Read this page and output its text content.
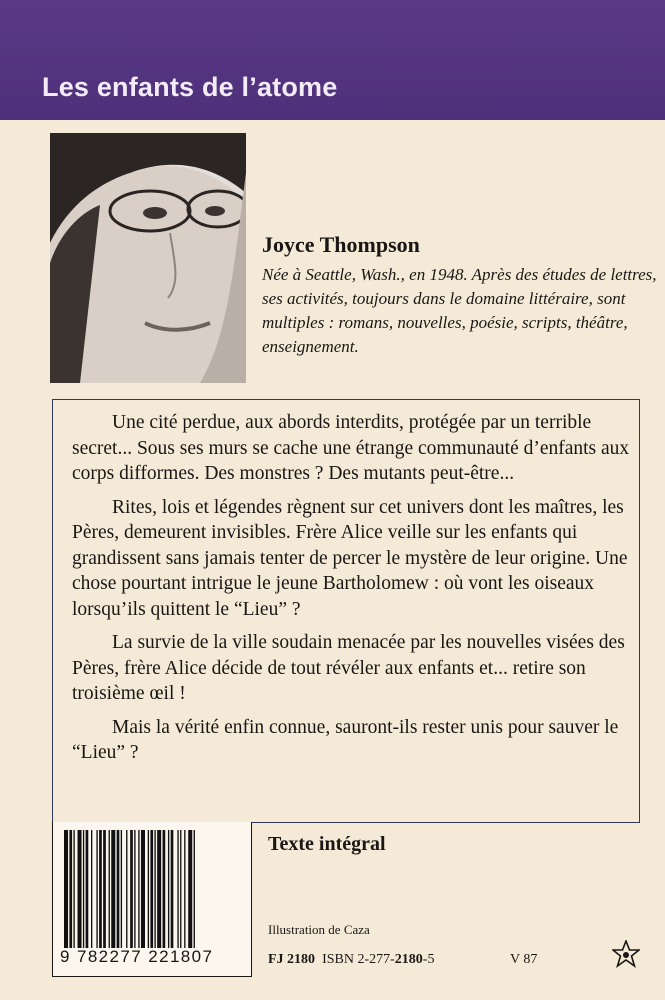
Les enfants de l’atome
Joyce Thompson
Née à Seattle, Wash., en 1948. Après des études de lettres, ses activités, toujours dans le domaine littéraire, sont multiples : romans, nouvelles, poésie, scripts, théâtre, enseignement.

Une cité perdue, aux abords interdits, protégée par un terrible secret... Sous ses murs se cache une étrange communauté d’enfants aux corps difformes. Des monstres ? Des mutants peut-être...

Rites, lois et légendes règnent sur cet univers dont les maîtres, les Pères, demeurent invisibles. Frère Alice veille sur les enfants qui grandissent sans jamais tenter de percer le mystère de leur origine. Une chose pourtant intrigue le jeune Bartholomew : où vont les oiseaux lorsqu’ils quittent le “Lieu” ?

La survie de la ville soudain menacée par les nouvelles visées des Pères, frère Alice décide de tout révéler aux enfants et... retire son troisième œil !

Mais la vérité enfin connue, sauront-ils rester unis pour sauver le “Lieu” ?

9 782277 221807
Texte intégral
Illustration de Caza
FJ 2180 ISBN 2-277-2180-5	V 87
